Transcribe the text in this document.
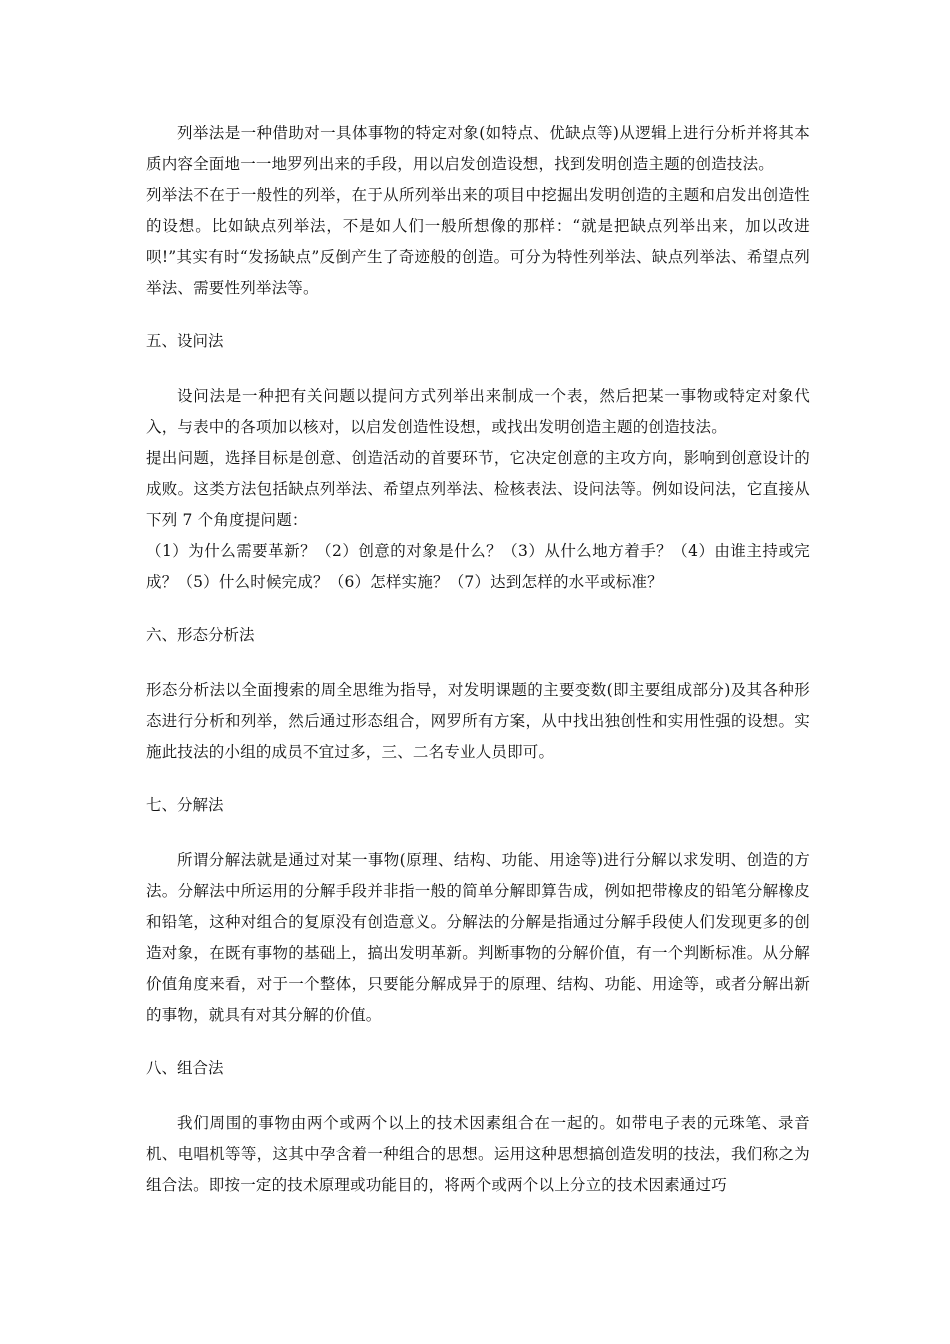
列举法是一种借助对一具体事物的特定对象(如特点、优缺点等)从逻辑上进行分析并将其本质内容全面地一一地罗列出来的手段，用以启发创造设想，找到发明创造主题的创造技法。

列举法不在于一般性的列举，在于从所列举出来的项目中挖掘出发明创造的主题和启发出创造性的设想。比如缺点列举法，不是如人们一般所想像的那样：“就是把缺点列举出来，加以改进呗!”其实有时“发扬缺点”反倒产生了奇迹般的创造。可分为特性列举法、缺点列举法、希望点列举法、需要性列举法等。

五、设问法

设问法是一种把有关问题以提问方式列举出来制成一个表，然后把某一事物或特定对象代入，与表中的各项加以核对，以启发创造性设想，或找出发明创造主题的创造技法。

提出问题，选择目标是创意、创造活动的首要环节，它决定创意的主攻方向，影响到创意设计的成败。这类方法包括缺点列举法、希望点列举法、检核表法、设问法等。例如设问法，它直接从下列 7 个角度提问题：

（1）为什么需要革新？（2）创意的对象是什么？（3）从什么地方着手？（4）由谁主持或完成？（5）什么时候完成？（6）怎样实施？（7）达到怎样的水平或标准？

六、形态分析法

形态分析法以全面搜索的周全思维为指导，对发明课题的主要变数(即主要组成部分)及其各种形态进行分析和列举，然后通过形态组合，网罗所有方案，从中找出独创性和实用性强的设想。实施此技法的小组的成员不宜过多，三、二名专业人员即可。

七、分解法

所谓分解法就是通过对某一事物(原理、结构、功能、用途等)进行分解以求发明、创造的方法。分解法中所运用的分解手段并非指一般的简单分解即算告成，例如把带橡皮的铅笔分解橡皮和铅笔，这种对组合的复原没有创造意义。分解法的分解是指通过分解手段使人们发现更多的创造对象，在既有事物的基础上，搞出发明革新。判断事物的分解价值，有一个判断标准。从分解价值角度来看，对于一个整体，只要能分解成异于的原理、结构、功能、用途等，或者分解出新的事物，就具有对其分解的价值。

八、组合法

我们周围的事物由两个或两个以上的技术因素组合在一起的。如带电子表的元珠笔、录音机、电唱机等等，这其中孕含着一种组合的思想。运用这种思想搞创造发明的技法，我们称之为组合法。即按一定的技术原理或功能目的，将两个或两个以上分立的技术因素通过巧
